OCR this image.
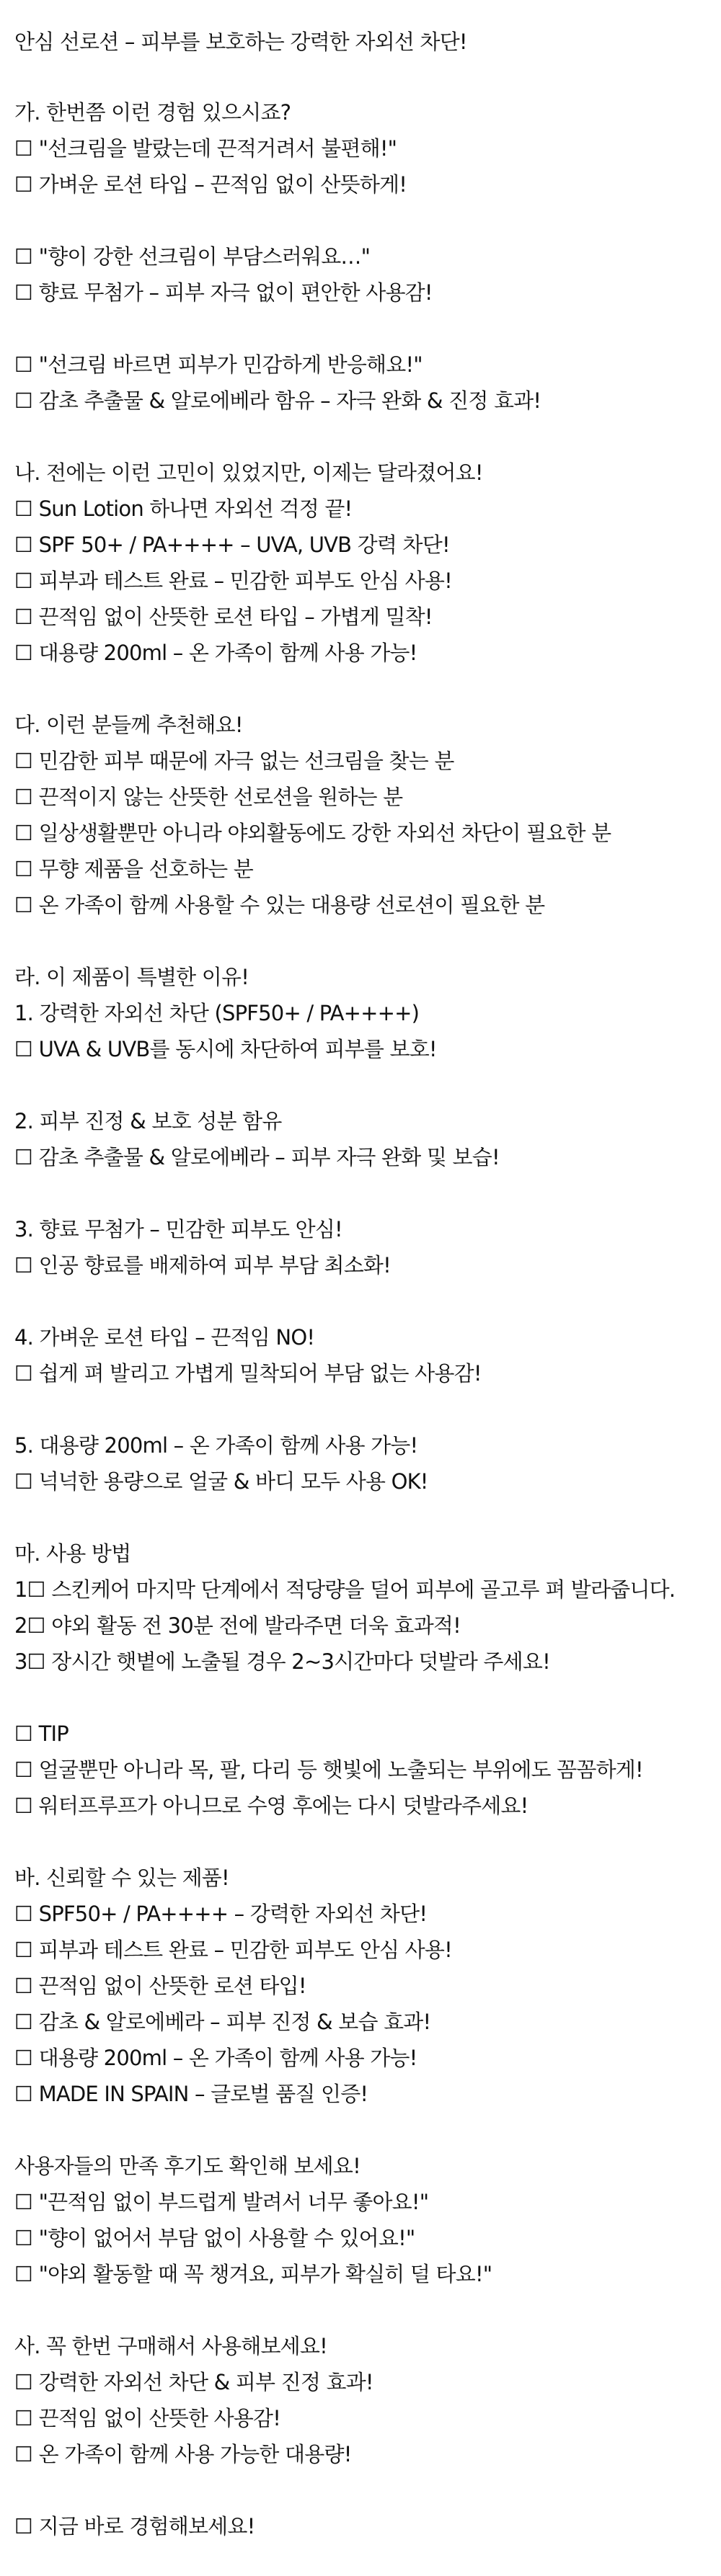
안심 선로션 – 피부를 보호하는 강력한 자외선 차단!
가. 한번쯤 이런 경험 있으시죠?
☐ "선크림을 발랐는데 끈적거려서 불편해!"
☐ 가벼운 로션 타입 – 끈적임 없이 산뜻하게!
☐ "향이 강한 선크림이 부담스러워요…"
☐ 향료 무첨가 – 피부 자극 없이 편안한 사용감!
☐ "선크림 바르면 피부가 민감하게 반응해요!"
☐ 감초 추출물 & 알로에베라 함유 – 자극 완화 & 진정 효과!
나. 전에는 이런 고민이 있었지만, 이제는 달라졌어요!
☐ Sun Lotion 하나면 자외선 걱정 끝!
☐ SPF 50+ / PA++++ – UVA, UVB 강력 차단!
☐ 피부과 테스트 완료 – 민감한 피부도 안심 사용!
☐ 끈적임 없이 산뜻한 로션 타입 – 가볍게 밀착!
☐ 대용량 200ml – 온 가족이 함께 사용 가능!
다. 이런 분들께 추천해요!
☐ 민감한 피부 때문에 자극 없는 선크림을 찾는 분
☐ 끈적이지 않는 산뜻한 선로션을 원하는 분
☐ 일상생활뿐만 아니라 야외활동에도 강한 자외선 차단이 필요한 분
☐ 무향 제품을 선호하는 분
☐ 온 가족이 함께 사용할 수 있는 대용량 선로션이 필요한 분
라. 이 제품이 특별한 이유!
1. 강력한 자외선 차단 (SPF50+ / PA++++)
☐ UVA & UVB를 동시에 차단하여 피부를 보호!
2. 피부 진정 & 보호 성분 함유
☐ 감초 추출물 & 알로에베라 – 피부 자극 완화 및 보습!
3. 향료 무첨가 – 민감한 피부도 안심!
☐ 인공 향료를 배제하여 피부 부담 최소화!
4. 가벼운 로션 타입 – 끈적임 NO!
☐ 쉽게 펴 발리고 가볍게 밀착되어 부담 없는 사용감!
5. 대용량 200ml – 온 가족이 함께 사용 가능!
☐ 넉넉한 용량으로 얼굴 & 바디 모두 사용 OK!
마. 사용 방법
1☐ 스킨케어 마지막 단계에서 적당량을 덜어 피부에 골고루 펴 발라줍니다.
2☐ 야외 활동 전 30분 전에 발라주면 더욱 효과적!
3☐ 장시간 햇볕에 노출될 경우 2~3시간마다 덧발라 주세요!
☐ TIP
☐ 얼굴뿐만 아니라 목, 팔, 다리 등 햇빛에 노출되는 부위에도 꼼꼼하게!
☐ 워터프루프가 아니므로 수영 후에는 다시 덧발라주세요!
바. 신뢰할 수 있는 제품!
☐ SPF50+ / PA++++ – 강력한 자외선 차단!
☐ 피부과 테스트 완료 – 민감한 피부도 안심 사용!
☐ 끈적임 없이 산뜻한 로션 타입!
☐ 감초 & 알로에베라 – 피부 진정 & 보습 효과!
☐ 대용량 200ml – 온 가족이 함께 사용 가능!
☐ MADE IN SPAIN – 글로벌 품질 인증!
사용자들의 만족 후기도 확인해 보세요!
☐ "끈적임 없이 부드럽게 발려서 너무 좋아요!"
☐ "향이 없어서 부담 없이 사용할 수 있어요!"
☐ "야외 활동할 때 꼭 챙겨요, 피부가 확실히 덜 타요!"
사. 꼭 한번 구매해서 사용해보세요!
☐ 강력한 자외선 차단 & 피부 진정 효과!
☐ 끈적임 없이 산뜻한 사용감!
☐ 온 가족이 함께 사용 가능한 대용량!
☐ 지금 바로 경험해보세요!
